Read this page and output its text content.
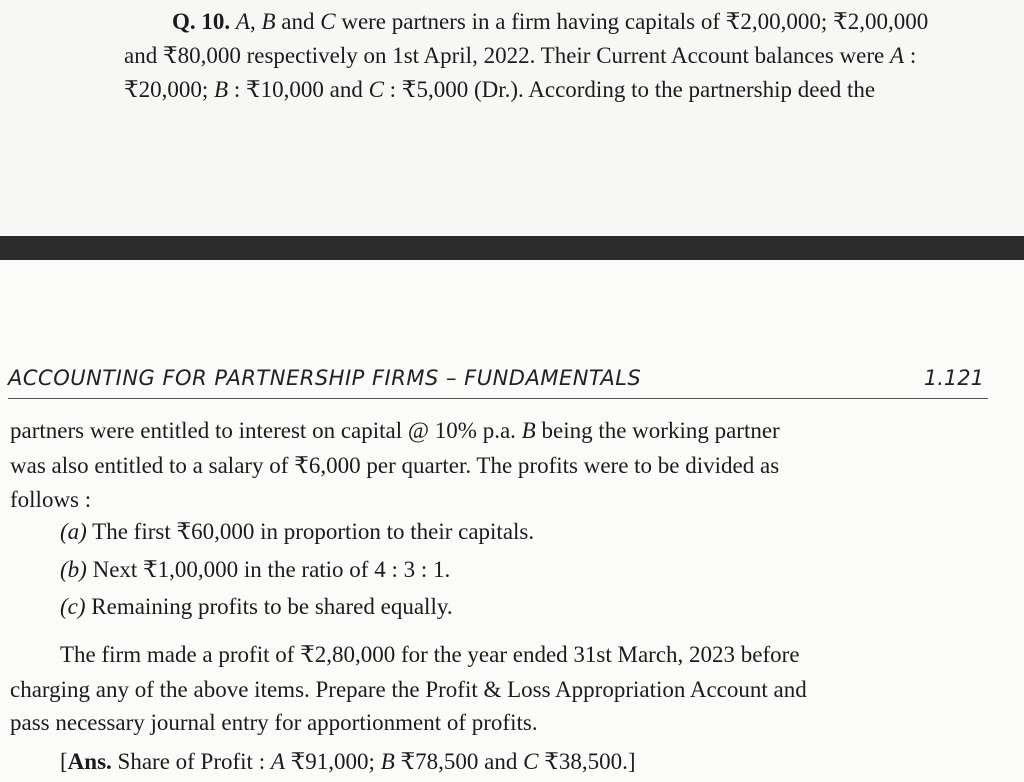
Q. 10. A, B and C were partners in a firm having capitals of ₹2,00,000; ₹2,00,000
and ₹80,000 respectively on 1st April, 2022. Their Current Account balances were A :
₹20,000; B : ₹10,000 and C : ₹5,000 (Dr.). According to the partnership deed the
ACCOUNTING FOR PARTNERSHIP FIRMS – FUNDAMENTALS	1.121
partners were entitled to interest on capital @ 10% p.a. B being the working partner
was also entitled to a salary of ₹6,000 per quarter. The profits were to be divided as
follows :
(a) The first ₹60,000 in proportion to their capitals.
(b) Next ₹1,00,000 in the ratio of 4 : 3 : 1.
(c) Remaining profits to be shared equally.
The firm made a profit of ₹2,80,000 for the year ended 31st March, 2023 before
charging any of the above items. Prepare the Profit & Loss Appropriation Account and
pass necessary journal entry for apportionment of profits.
[Ans. Share of Profit : A ₹91,000; B ₹78,500 and C ₹38,500.]
